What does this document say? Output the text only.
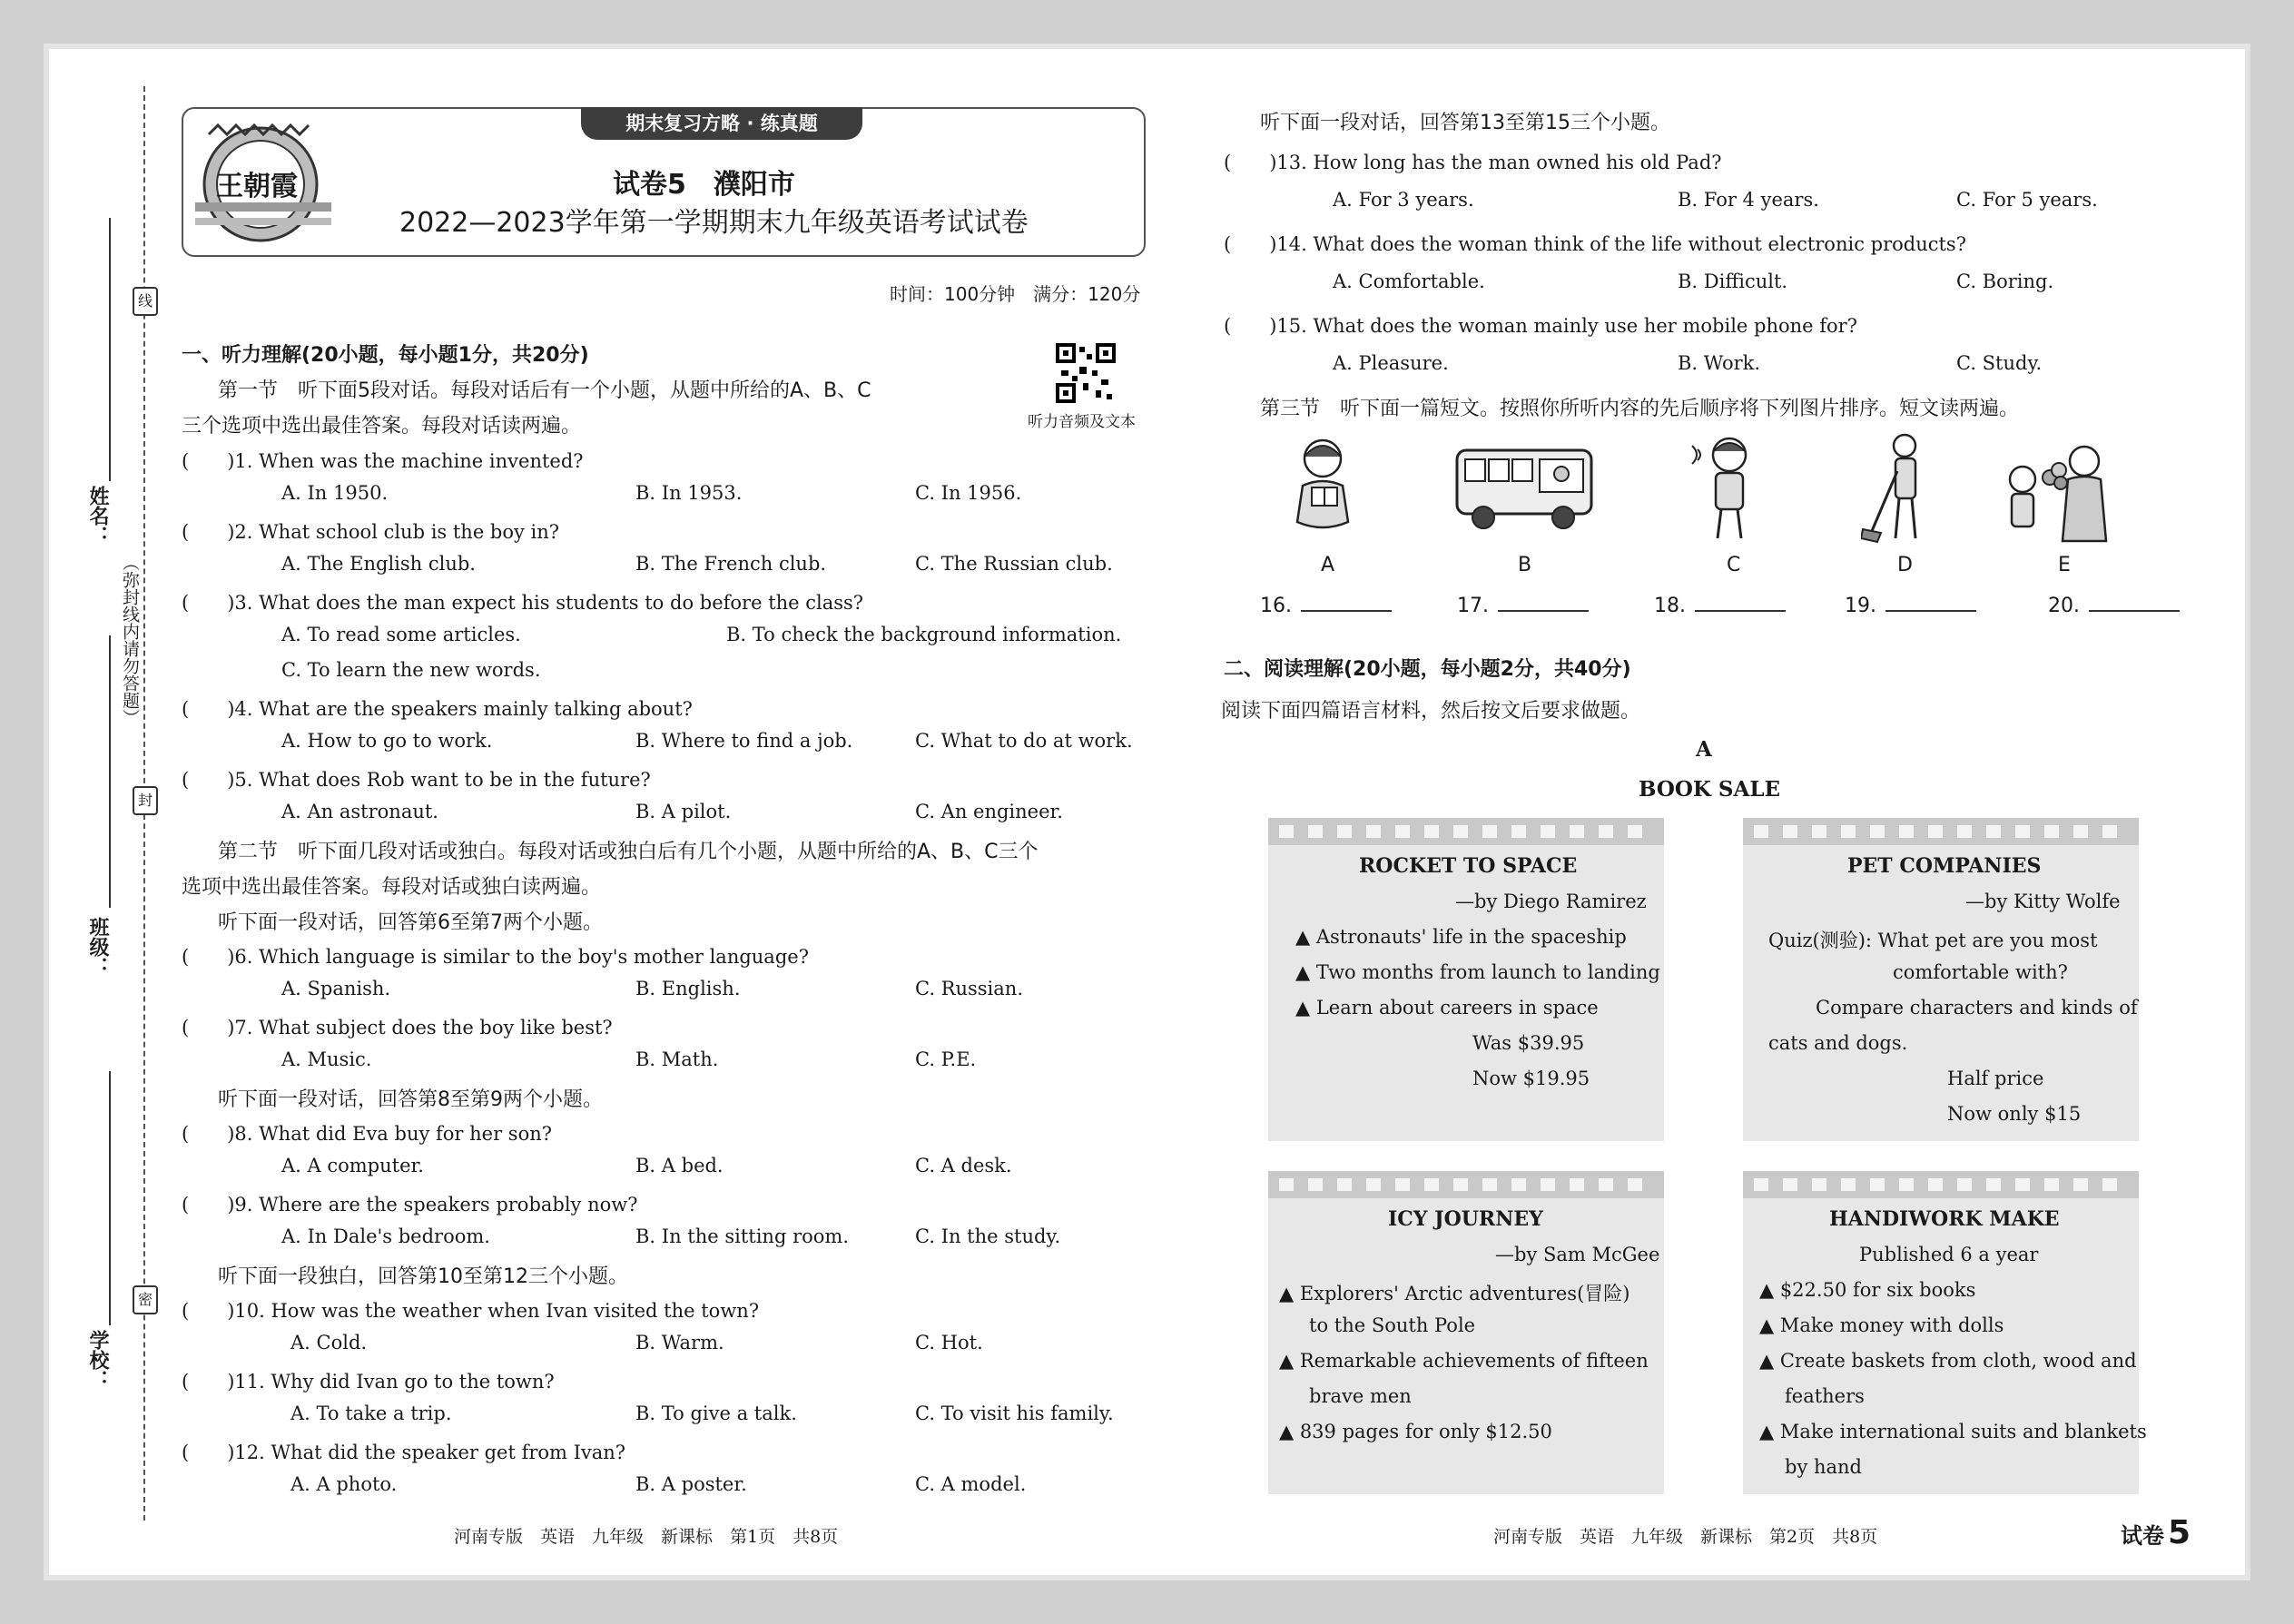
线
封
密
（弥封线内请勿答题）
姓名：
班级：
学校：
期末复习方略 · 练真题
王朝霞	试卷5　濮阳市
2022—2023学年第一学期期末九年级英语考试试卷
时间：100分钟　满分：120分
听力音频及文本
一、听力理解(20小题，每小题1分，共20分)
第一节　听下面5段对话。每段对话后有一个小题，从题中所给的A、B、C
三个选项中选出最佳答案。每段对话读两遍。
(　　)1. When was the machine invented?
A. In 1950.	B. In 1953.	C. In 1956.
(　　)2. What school club is the boy in?
A. The English club.	B. The French club.	C. The Russian club.
(　　)3. What does the man expect his students to do before the class?
A. To read some articles.	B. To check the background information.
C. To learn the new words.
(　　)4. What are the speakers mainly talking about?
A. How to go to work.	B. Where to find a job.	C. What to do at work.
(　　)5. What does Rob want to be in the future?
A. An astronaut.	B. A pilot.	C. An engineer.
第二节　听下面几段对话或独白。每段对话或独白后有几个小题，从题中所给的A、B、C三个
选项中选出最佳答案。每段对话或独白读两遍。
听下面一段对话，回答第6至第7两个小题。
(　　)6. Which language is similar to the boy's mother language?
A. Spanish.	B. English.	C. Russian.
(　　)7. What subject does the boy like best?
A. Music.	B. Math.	C. P.E.
听下面一段对话，回答第8至第9两个小题。
(　　)8. What did Eva buy for her son?
A. A computer.	B. A bed.	C. A desk.
(　　)9. Where are the speakers probably now?
A. In Dale's bedroom.	B. In the sitting room.	C. In the study.
听下面一段独白，回答第10至第12三个小题。
(　　)10. How was the weather when Ivan visited the town?
A. Cold.	B. Warm.	C. Hot.
(　　)11. Why did Ivan go to the town?
A. To take a trip.	B. To give a talk.	C. To visit his family.
(　　)12. What did the speaker get from Ivan?
A. A photo.	B. A poster.	C. A model.
听下面一段对话，回答第13至第15三个小题。
(　　)13. How long has the man owned his old Pad?
A. For 3 years.	B. For 4 years.	C. For 5 years.
(　　)14. What does the woman think of the life without electronic products?
A. Comfortable.	B. Difficult.	C. Boring.
(　　)15. What does the woman mainly use her mobile phone for?
A. Pleasure.	B. Work.	C. Study.
第三节　听下面一篇短文。按照你所听内容的先后顺序将下列图片排序。短文读两遍。
A	B	C	D	E
16.	17.	18.	19.	20.
二、阅读理解(20小题，每小题2分，共40分)
阅读下面四篇语言材料，然后按文后要求做题。
A
BOOK SALE
ROCKET TO SPACE
—by Diego Ramirez
▲ Astronauts' life in the spaceship
▲ Two months from launch to landing
▲ Learn about careers in space
Was $39.95
Now $19.95
PET COMPANIES
—by Kitty Wolfe
Quiz(测验): What pet are you most
comfortable with?
Compare characters and kinds of
cats and dogs.
Half price
Now only $15
ICY JOURNEY
—by Sam McGee
▲ Explorers' Arctic adventures(冒险)
to the South Pole
▲ Remarkable achievements of fifteen
brave men
▲ 839 pages for only $12.50
HANDIWORK MAKE
Published 6 a year
▲ $22.50 for six books
▲ Make money with dolls
▲ Create baskets from cloth, wood and
feathers
▲ Make international suits and blankets
by hand
河南专版　英语　九年级　新课标　第1页　共8页	河南专版　英语　九年级　新课标　第2页　共8页	试卷 5
